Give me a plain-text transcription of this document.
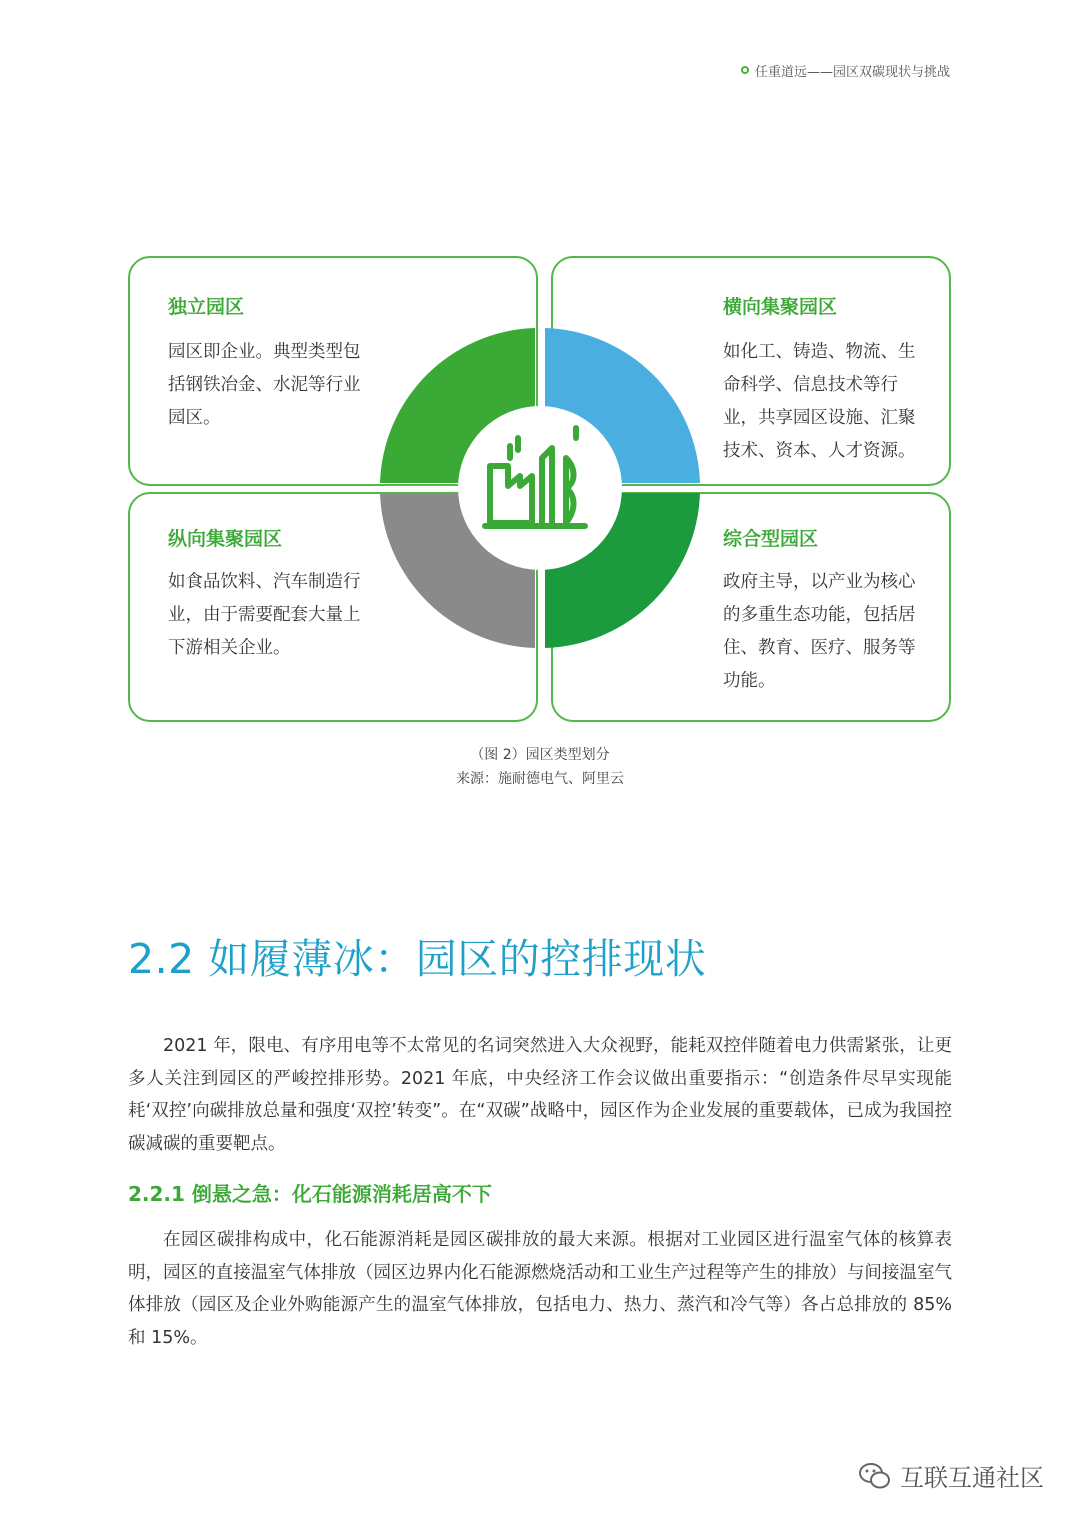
任重道远——园区双碳现状与挑战
独立园区

园区即企业。典型类型包括钢铁冶金、水泥等行业园区。

横向集聚园区

如化工、铸造、物流、生命科学、信息技术等行业，共享园区设施、汇聚技术、资本、人才资源。

纵向集聚园区

如食品饮料、汽车制造行业，由于需要配套大量上下游相关企业。

综合型园区

政府主导，以产业为核心的多重生态功能，包括居住、教育、医疗、服务等功能。

（图 2）园区类型划分
来源：施耐德电气、阿里云
2.2 如履薄冰：园区的控排现状

2021 年，限电、有序用电等不太常见的名词突然进入大众视野，能耗双控伴随着电力供需紧张，让更多人关注到园区的严峻控排形势。2021 年底，中央经济工作会议做出重要指示：“创造条件尽早实现能耗‘双控’向碳排放总量和强度‘双控’转变”。在“双碳”战略中，园区作为企业发展的重要载体，已成为我国控碳减碳的重要靶点。

2.2.1 倒悬之急：化石能源消耗居高不下

在园区碳排构成中，化石能源消耗是园区碳排放的最大来源。根据对工业园区进行温室气体的核算表明，园区的直接温室气体排放（园区边界内化石能源燃烧活动和工业生产过程等产生的排放）与间接温室气体排放（园区及企业外购能源产生的温室气体排放，包括电力、热力、蒸汽和冷气等）各占总排放的 85% 和 15%。

互联互通社区
